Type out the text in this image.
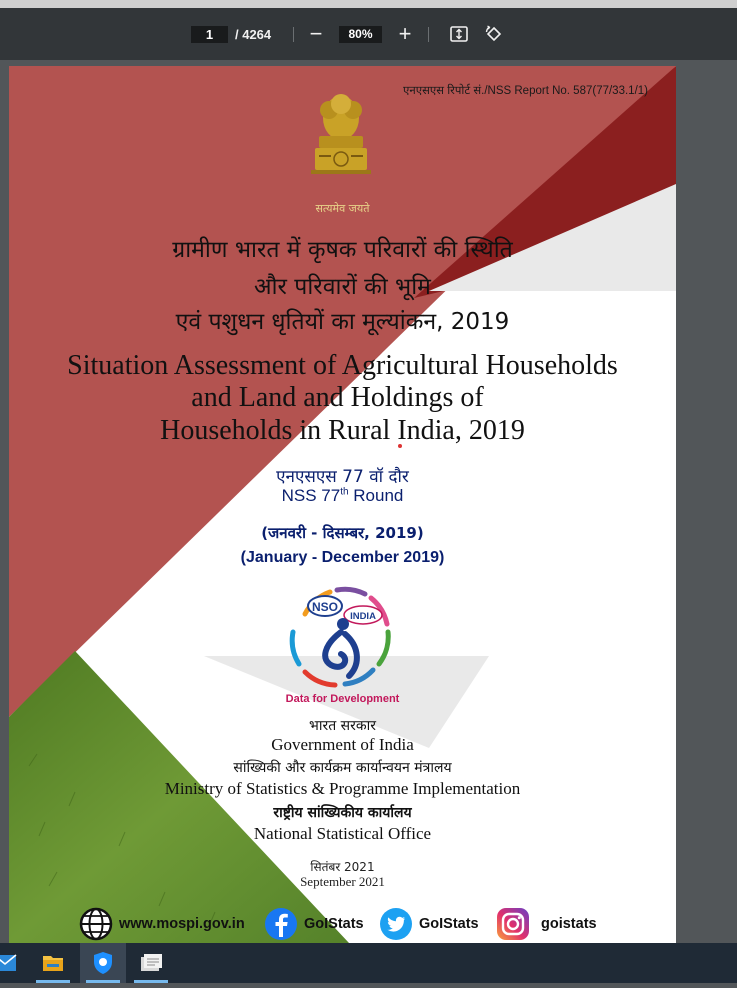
1	/ 4264 −	80%	+
एनएसएस रिपोर्ट सं./NSS Report No. 587(77/33.1/1)
सत्यमेव जयते
ग्रामीण भारत में कृषक परिवारों की स्थिति
और परिवारों की भूमि
एवं पशुधन धृतियों का मूल्यांकन, 2019
Situation Assessment of Agricultural Households
and Land and Holdings of
Households in Rural India, 2019
एनएसएस 77 वॉ दौर
NSS 77th Round
(जनवरी - दिसम्बर, 2019)
(January - December 2019)
NSO
INDIA
Data for Development
भारत सरकार
Government of India
सांख्यिकी और कार्यक्रम कार्यान्वयन मंत्रालय
Ministry of Statistics & Programme Implementation
राष्ट्रीय सांख्यिकीय कार्यालय
National Statistical Office
सितंबर 2021
September 2021
www.mospi.gov.in	GoIStats	GoIStats	goistats
